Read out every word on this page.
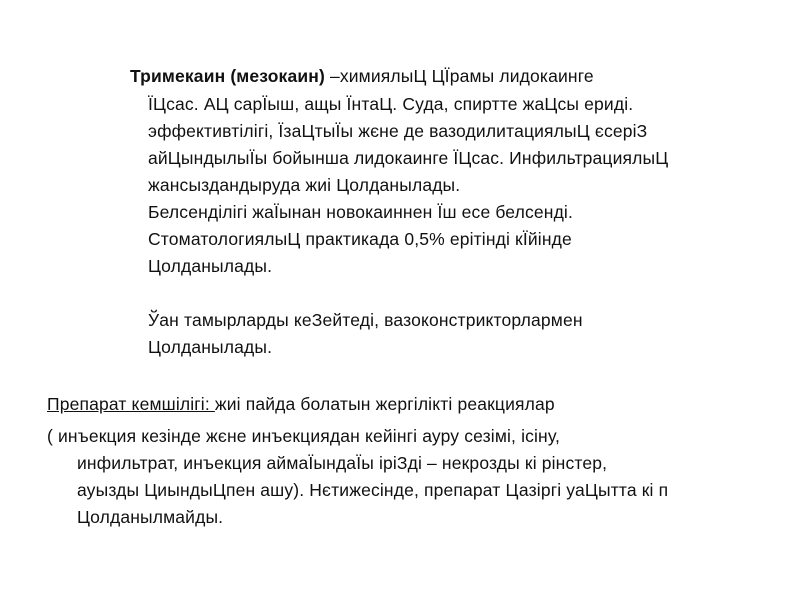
Тримекаин (мезокаин) –химиялыЦ ЦЇрамы лидокаинге
ЇЦсас. АЦ сарЇыш, ащы ЇнтаЦ. Суда, спиртте жаЦсы ериді.
эффективтілігі, ЇзаЦтыЇы жєне де вазодилитациялыЦ єсеріЗ
айЦындылыЇы бойынша лидокаинге ЇЦсас. ИнфильтрациялыЦ
жансыздандыруда жиі Цолданылады.
Белсенділігі жаЇынан новокаиннен Їш есе белсенді.
СтоматологиялыЦ практикада 0,5% ерітінді кЇйінде
Цолданылады.
Ўан тамырларды кеЗейтеді, вазоконстрикторлармен
Цолданылады.
Препарат кемшілігі: жиі пайда болатын жергілікті реакциялар
( инъекция кезінде жєне инъекциядан кейінгі ауру сезімі, ісіну,
инфильтрат, инъекция аймаЇындаЇы іріЗді – некрозды кі рінстер,
ауызды ЦиындыЦпен ашу). Нєтижесінде, препарат Цазіргі уаЦытта кі п
Цолданылмайды.
